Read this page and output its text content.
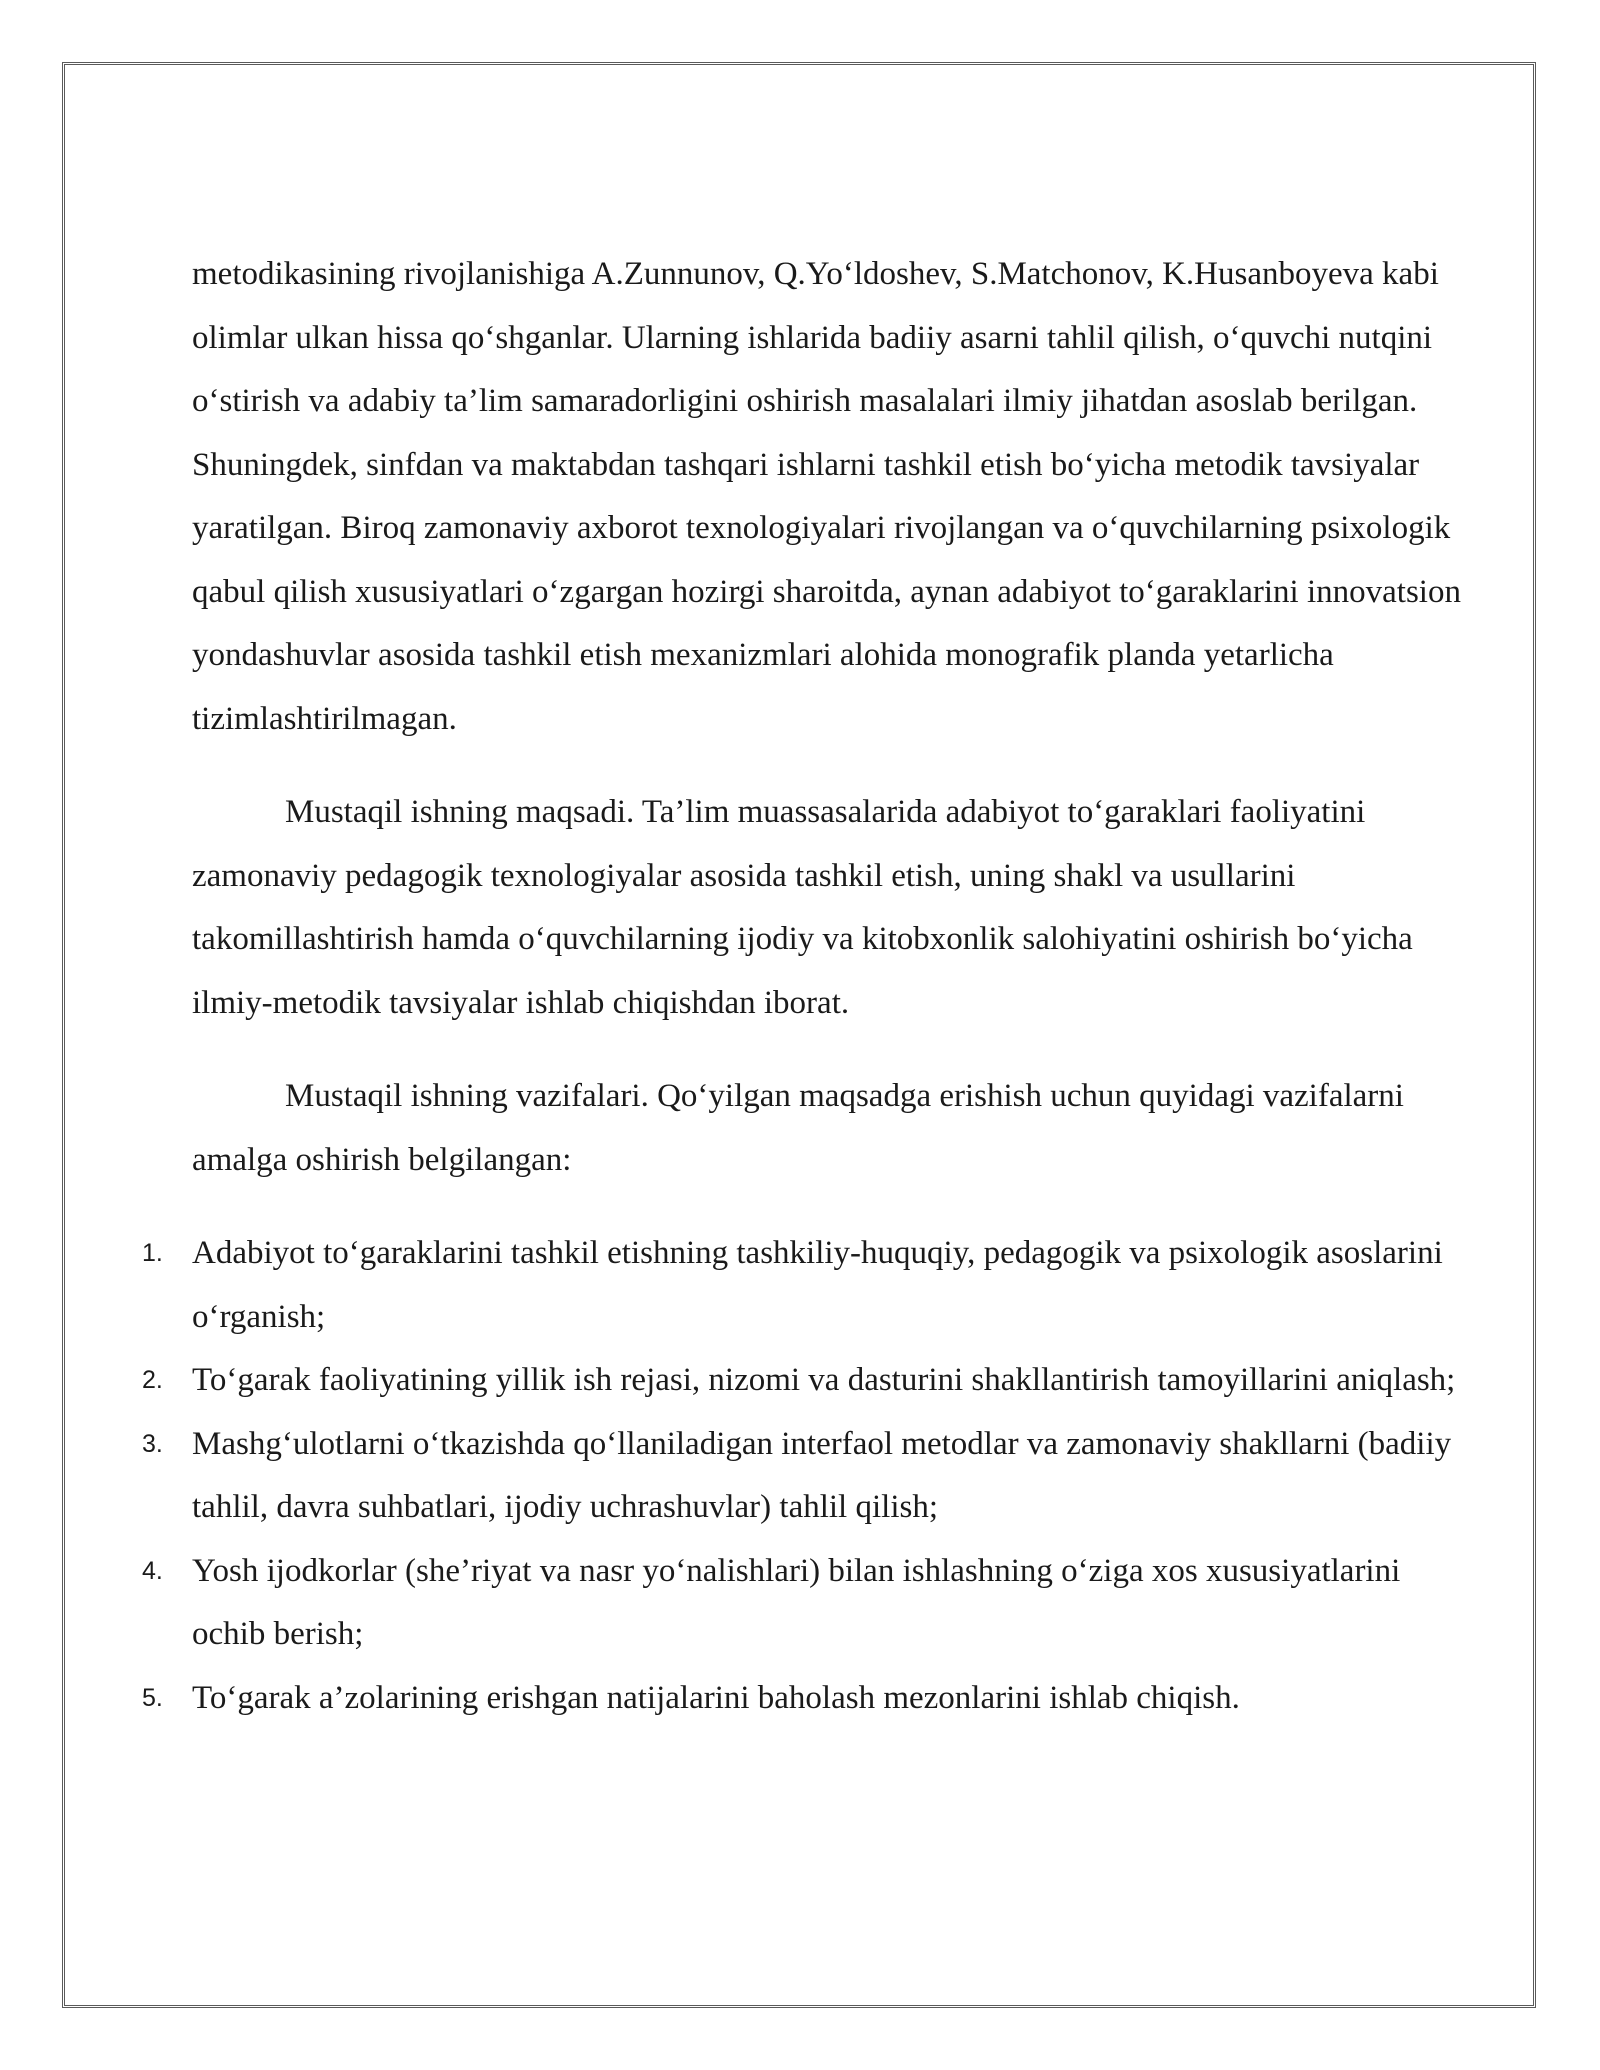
metodikasining rivojlanishiga A.Zunnunov, Q.Yo‘ldoshev, S.Matchonov, K.Husanboyeva kabi olimlar ulkan hissa qo‘shganlar. Ularning ishlarida badiiy asarni tahlil qilish, o‘quvchi nutqini o‘stirish va adabiy ta’lim samaradorligini oshirish masalalari ilmiy jihatdan asoslab berilgan. Shuningdek, sinfdan va maktabdan tashqari ishlarni tashkil etish bo‘yicha metodik tavsiyalar yaratilgan. Biroq zamonaviy axborot texnologiyalari rivojlangan va o‘quvchilarning psixologik qabul qilish xususiyatlari o‘zgargan hozirgi sharoitda, aynan adabiyot to‘garaklarini innovatsion yondashuvlar asosida tashkil etish mexanizmlari alohida monografik planda yetarlicha tizimlashtirilmagan.

Mustaqil ishning maqsadi. Ta’lim muassasalarida adabiyot to‘garaklari faoliyatini zamonaviy pedagogik texnologiyalar asosida tashkil etish, uning shakl va usullarini takomillashtirish hamda o‘quvchilarning ijodiy va kitobxonlik salohiyatini oshirish bo‘yicha ilmiy-metodik tavsiyalar ishlab chiqishdan iborat.

Mustaqil ishning vazifalari. Qo‘yilgan maqsadga erishish uchun quyidagi vazifalarni amalga oshirish belgilangan:

1. Adabiyot to‘garaklarini tashkil etishning tashkiliy-huquqiy, pedagogik va psixologik asoslarini o‘rganish;
2. To‘garak faoliyatining yillik ish rejasi, nizomi va dasturini shakllantirish tamoyillarini aniqlash;
3. Mashg‘ulotlarni o‘tkazishda qo‘llaniladigan interfaol metodlar va zamonaviy shakllarni (badiiy tahlil, davra suhbatlari, ijodiy uchrashuvlar) tahlil qilish;
4. Yosh ijodkorlar (she’riyat va nasr yo‘nalishlari) bilan ishlashning o‘ziga xos xususiyatlarini ochib berish;
5. To‘garak a’zolarining erishgan natijalarini baholash mezonlarini ishlab chiqish.
